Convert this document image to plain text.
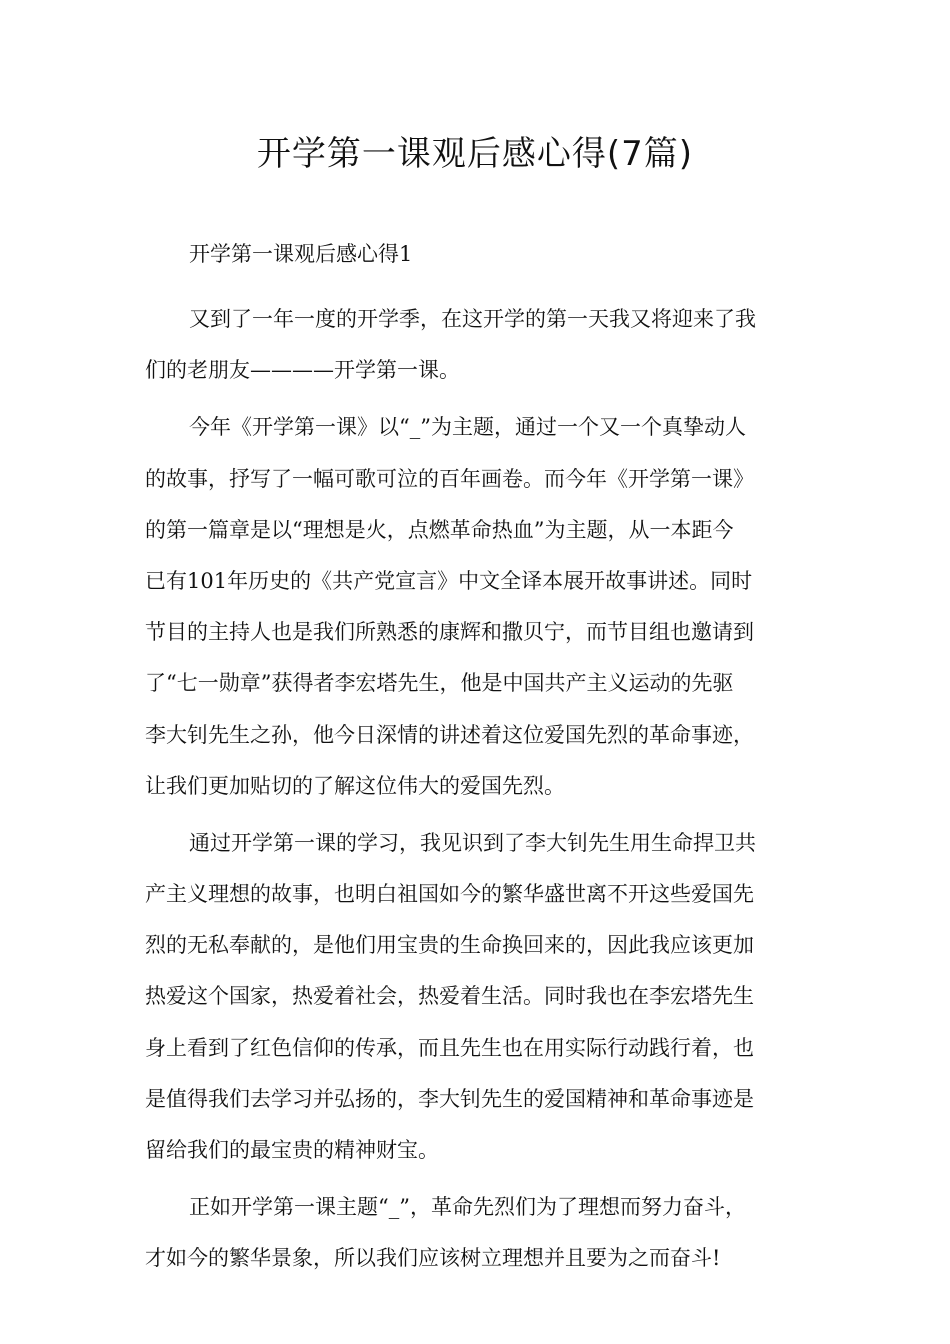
开学第一课观后感心得(7篇)

开学第一课观后感心得1

又到了一年一度的开学季，在这开学的第一天我又将迎来了我
们的老朋友————开学第一课。

今年《开学第一课》以“_”为主题，通过一个又一个真挚动人
的故事，抒写了一幅可歌可泣的百年画卷。而今年《开学第一课》
的第一篇章是以“理想是火，点燃革命热血”为主题，从一本距今
已有101年历史的《共产党宣言》中文全译本展开故事讲述。同时
节目的主持人也是我们所熟悉的康辉和撒贝宁，而节目组也邀请到
了“七一勋章”获得者李宏塔先生，他是中国共产主义运动的先驱
李大钊先生之孙，他今日深情的讲述着这位爱国先烈的革命事迹，
让我们更加贴切的了解这位伟大的爱国先烈。

通过开学第一课的学习，我见识到了李大钊先生用生命捍卫共
产主义理想的故事，也明白祖国如今的繁华盛世离不开这些爱国先
烈的无私奉献的，是他们用宝贵的生命换回来的，因此我应该更加
热爱这个国家，热爱着社会，热爱着生活。同时我也在李宏塔先生
身上看到了红色信仰的传承，而且先生也在用实际行动践行着，也
是值得我们去学习并弘扬的，李大钊先生的爱国精神和革命事迹是
留给我们的最宝贵的精神财宝。

正如开学第一课主题“_”，革命先烈们为了理想而努力奋斗，
才如今的繁华景象，所以我们应该树立理想并且要为之而奋斗!
